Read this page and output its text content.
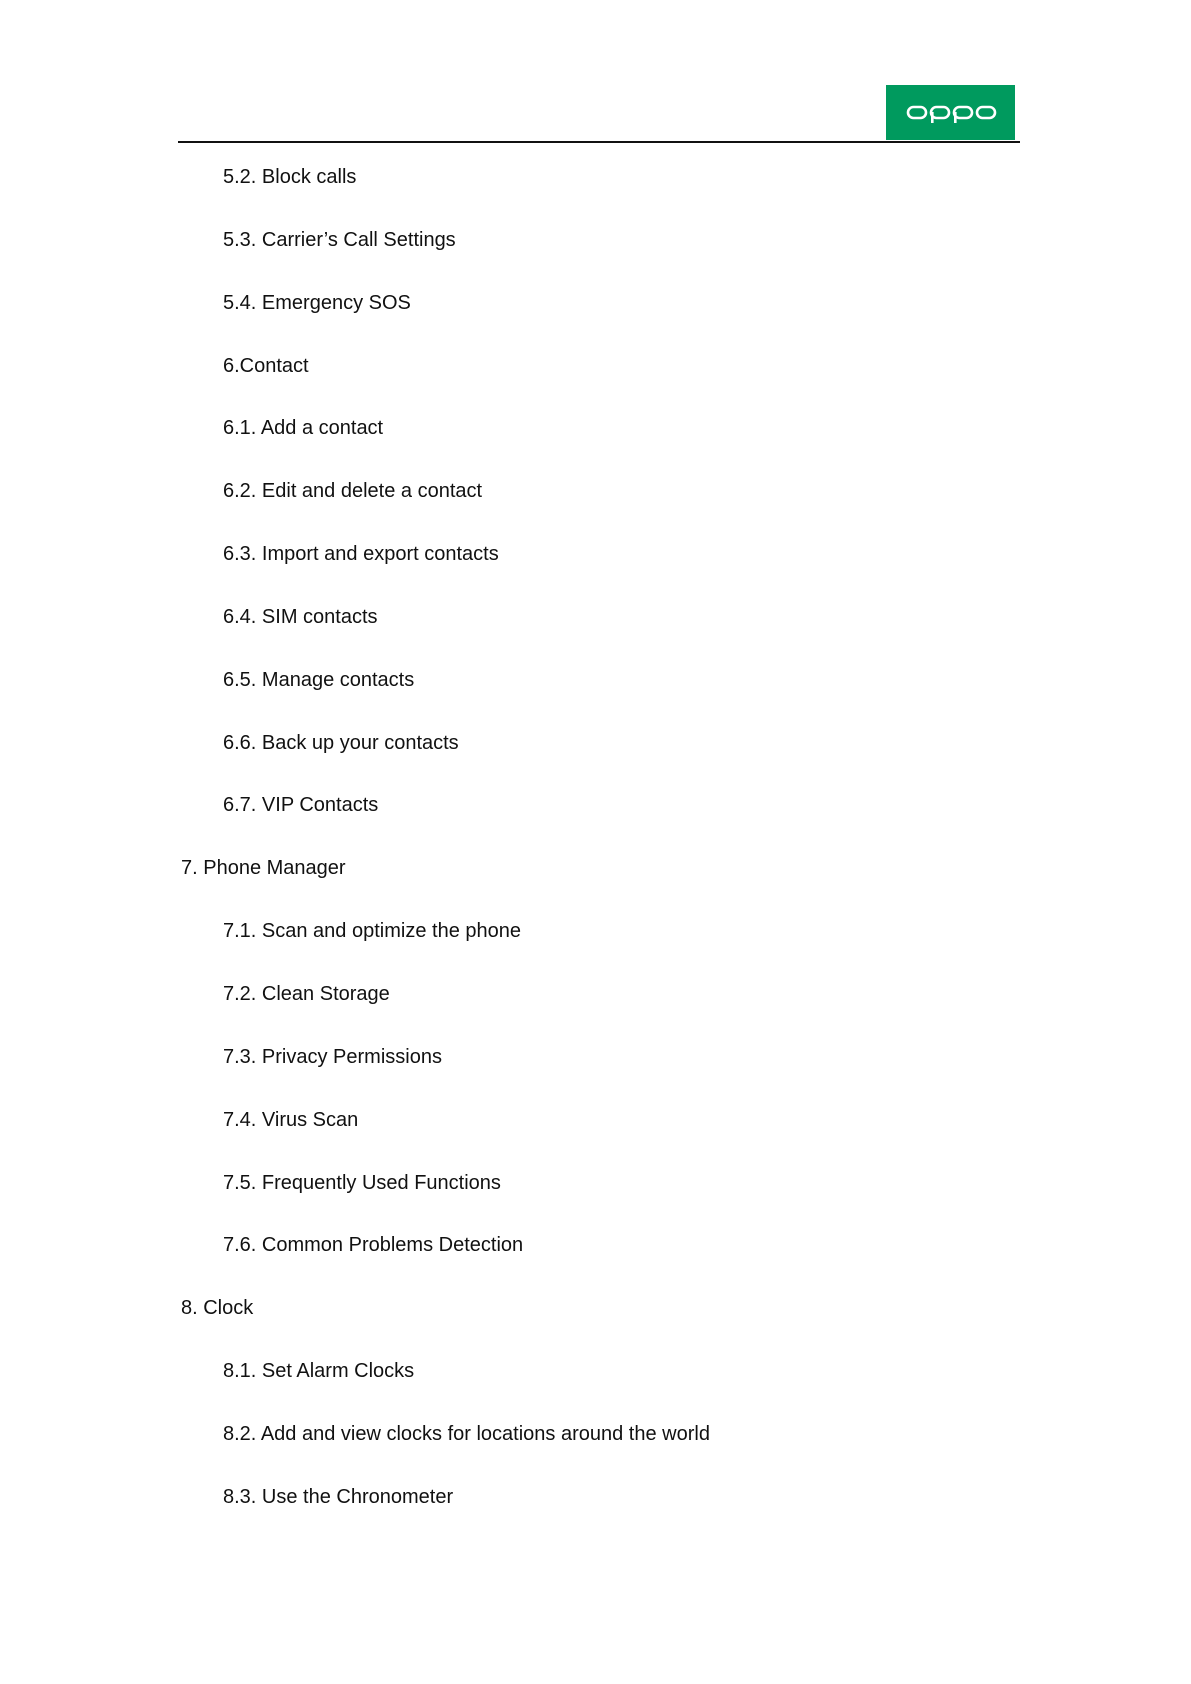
5.2. Block calls
5.3. Carrier’s Call Settings
5.4. Emergency SOS
6.Contact
6.1. Add a contact
6.2. Edit and delete a contact
6.3. Import and export contacts
6.4. SIM contacts
6.5. Manage contacts
6.6. Back up your contacts
6.7. VIP Contacts
7. Phone Manager
7.1. Scan and optimize the phone
7.2. Clean Storage
7.3. Privacy Permissions
7.4. Virus Scan
7.5. Frequently Used Functions
7.6. Common Problems Detection
8. Clock
8.1. Set Alarm Clocks
8.2. Add and view clocks for locations around the world
8.3. Use the Chronometer
